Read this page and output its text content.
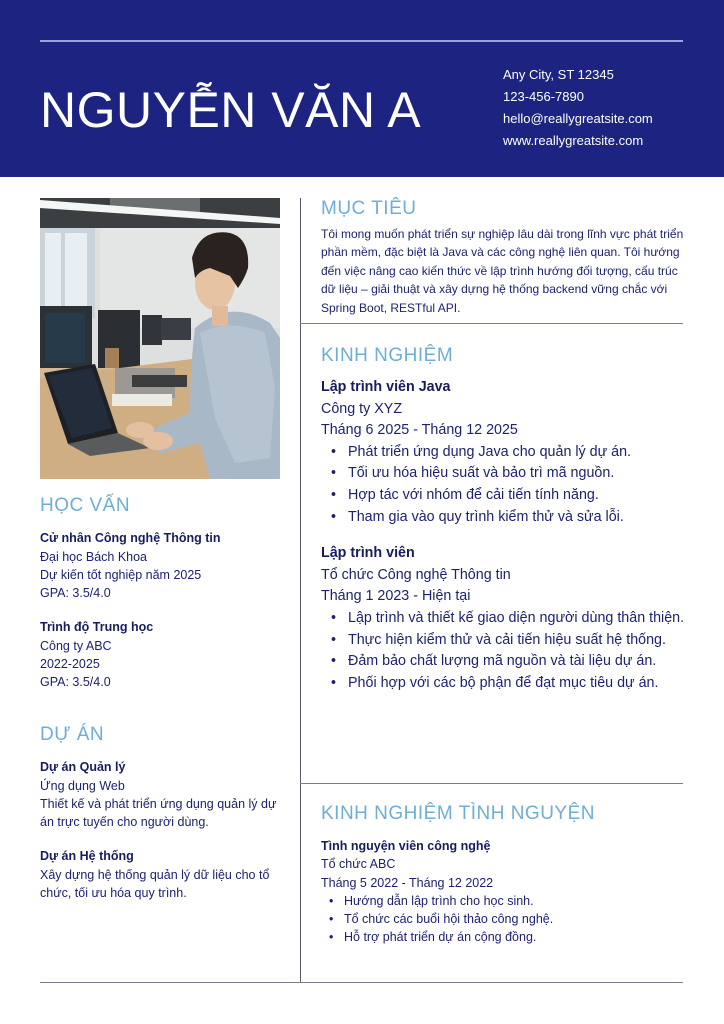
NGUYỄN VĂN A
Any City, ST 12345
123-456-7890
hello@reallygreatsite.com
www.reallygreatsite.com
HỌC VẤN
Cử nhân Công nghệ Thông tin
Đại học Bách Khoa
Dự kiến tốt nghiệp năm 2025
GPA: 3.5/4.0
Trình độ Trung học
Công ty ABC
2022-2025
GPA: 3.5/4.0
DỰ ÁN
Dự án Quản lý
Ứng dụng Web
Thiết kế và phát triển ứng dụng quản lý dự án trực tuyến cho người dùng.
Dự án Hệ thống
Xây dựng hệ thống quản lý dữ liệu cho tổ chức, tối ưu hóa quy trình.
MỤC TIÊU

Tôi mong muốn phát triển sự nghiệp lâu dài trong lĩnh vực phát triển phần mềm, đặc biệt là Java và các công nghệ liên quan. Tôi hướng đến việc nâng cao kiến thức về lập trình hướng đối tượng, cấu trúc dữ liệu – giải thuật và xây dựng hệ thống backend vững chắc với Spring Boot, RESTful API.

KINH NGHIỆM
Lập trình viên Java
Công ty XYZ
Tháng 6 2025 - Tháng 12 2025
• Phát triển ứng dụng Java cho quản lý dự án.
• Tối ưu hóa hiệu suất và bảo trì mã nguồn.
• Hợp tác với nhóm để cải tiến tính năng.
• Tham gia vào quy trình kiểm thử và sửa lỗi.
Lập trình viên
Tổ chức Công nghệ Thông tin
Tháng 1 2023 - Hiện tại
• Lập trình và thiết kế giao diện người dùng thân thiện.
• Thực hiện kiểm thử và cải tiến hiệu suất hệ thống.
• Đảm bảo chất lượng mã nguồn và tài liệu dự án.
• Phối hợp với các bộ phận để đạt mục tiêu dự án.
KINH NGHIỆM TÌNH NGUYỆN
Tình nguyện viên công nghệ
Tổ chức ABC
Tháng 5 2022 - Tháng 12 2022
• Hướng dẫn lập trình cho học sinh.
• Tổ chức các buổi hội thảo công nghệ.
• Hỗ trợ phát triển dự án cộng đồng.
